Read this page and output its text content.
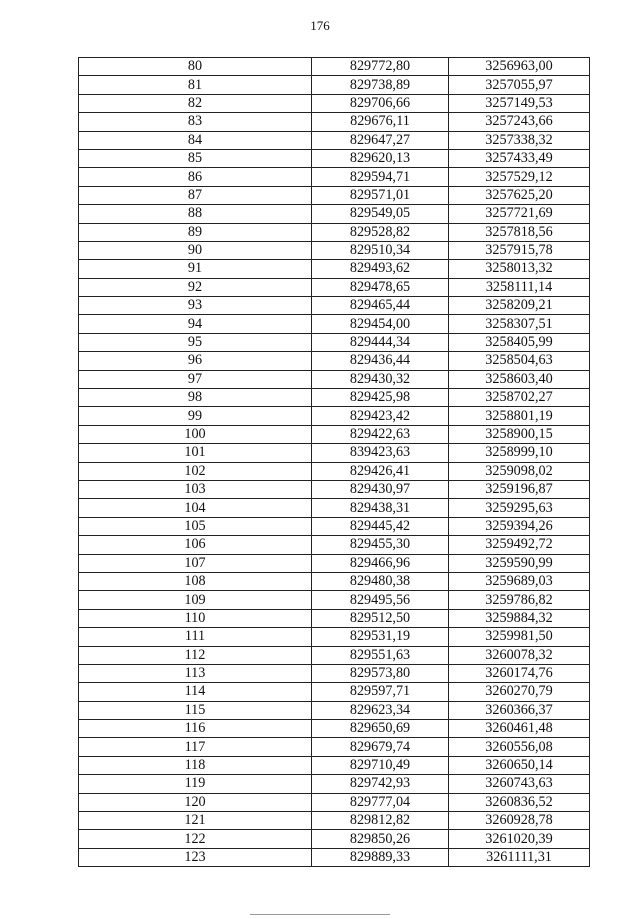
176
80	829772,80	3256963,00
81	829738,89	3257055,97
82	829706,66	3257149,53
83	829676,11	3257243,66
84	829647,27	3257338,32
85	829620,13	3257433,49
86	829594,71	3257529,12
87	829571,01	3257625,20
88	829549,05	3257721,69
89	829528,82	3257818,56
90	829510,34	3257915,78
91	829493,62	3258013,32
92	829478,65	3258111,14
93	829465,44	3258209,21
94	829454,00	3258307,51
95	829444,34	3258405,99
96	829436,44	3258504,63
97	829430,32	3258603,40
98	829425,98	3258702,27
99	829423,42	3258801,19
100	829422,63	3258900,15
101	839423,63	3258999,10
102	829426,41	3259098,02
103	829430,97	3259196,87
104	829438,31	3259295,63
105	829445,42	3259394,26
106	829455,30	3259492,72
107	829466,96	3259590,99
108	829480,38	3259689,03
109	829495,56	3259786,82
110	829512,50	3259884,32
111	829531,19	3259981,50
112	829551,63	3260078,32
113	829573,80	3260174,76
114	829597,71	3260270,79
115	829623,34	3260366,37
116	829650,69	3260461,48
117	829679,74	3260556,08
118	829710,49	3260650,14
119	829742,93	3260743,63
120	829777,04	3260836,52
121	829812,82	3260928,78
122	829850,26	3261020,39
123	829889,33	3261111,31
